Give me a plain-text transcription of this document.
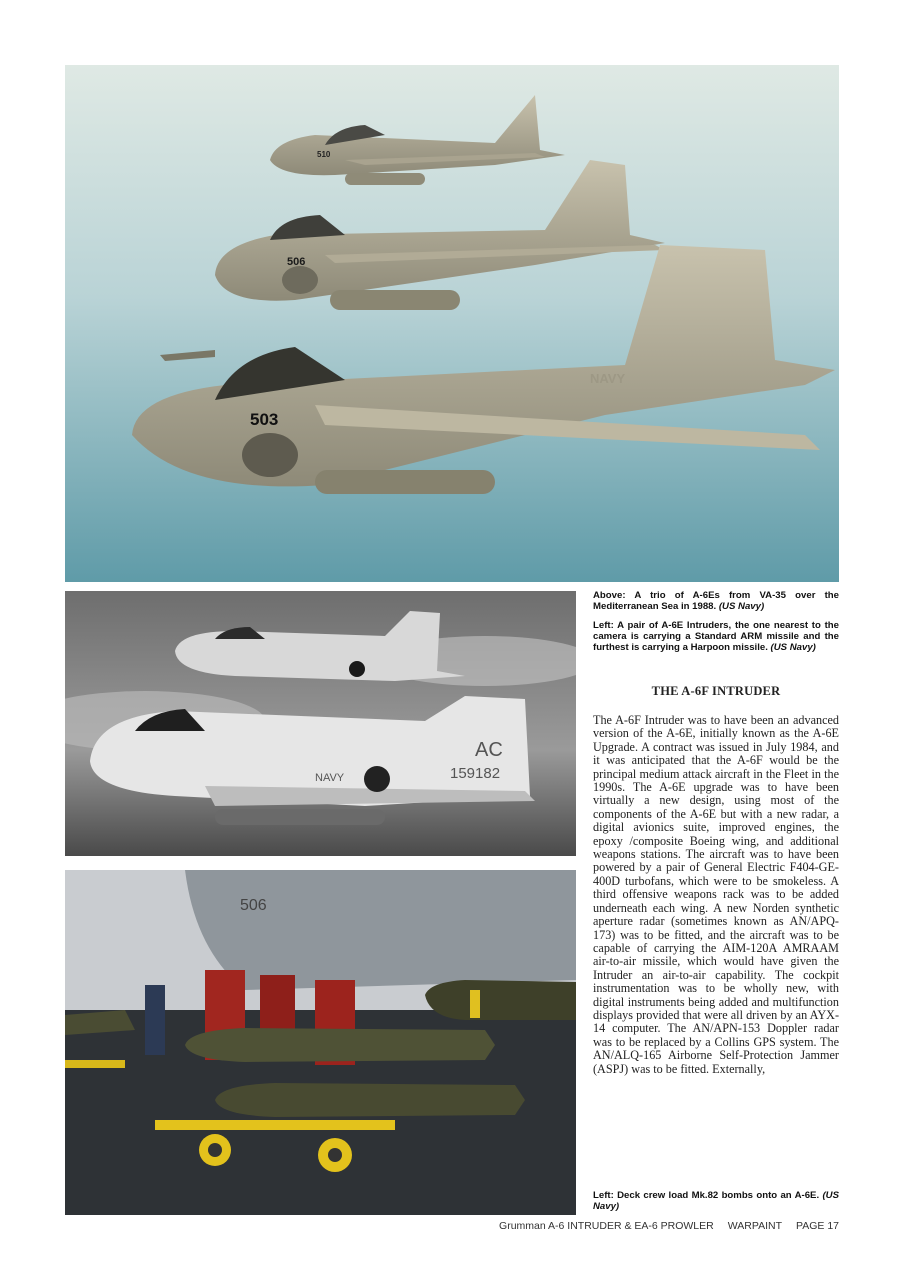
510
506
503
NAVY
AC
159182
NAVY
506
Above: A trio of A-6Es from VA-35 over the Mediterranean Sea in 1988. (US Navy)
Left: A pair of A-6E Intruders, the one nearest to the camera is carrying a Standard ARM missile and the furthest is carrying a Harpoon missile. (US Navy)
THE A-6F INTRUDER

The A-6F Intruder was to have been an advanced version of the A-6E, initially known as the A-6E Upgrade. A contract was issued in July 1984, and it was anticipated that the A-6F would be the principal medium attack aircraft in the Fleet in the 1990s. The A-6E upgrade was to have been virtually a new design, using most of the components of the A-6E but with a new radar, a digital avionics suite, improved engines, the epoxy /composite Boeing wing, and additional weapons stations. The aircraft was to have been powered by a pair of General Electric F404-GE-400D turbofans, which were to be smokeless. A third offensive weapons rack was to be added underneath each wing. A new Norden synthetic aperture radar (sometimes known as AN/APQ-173) was to be fitted, and the aircraft was to be capable of carrying the AIM-120A AMRAAM air-to-air missile, which would have given the Intruder an air-to-air capability. The cockpit instrumentation was to be wholly new, with digital instruments being added and multifunction displays provided that were all driven by an AYX-14 computer. The AN/APN-153 Doppler radar was to be replaced by a Collins GPS system. The AN/ALQ-165 Airborne Self-Protection Jammer (ASPJ) was to be fitted. Externally,

Left: Deck crew load Mk.82 bombs onto an A-6E. (US Navy)
Grumman A-6 INTRUDER & EA-6 PROWLER WARPAINT PAGE 17
